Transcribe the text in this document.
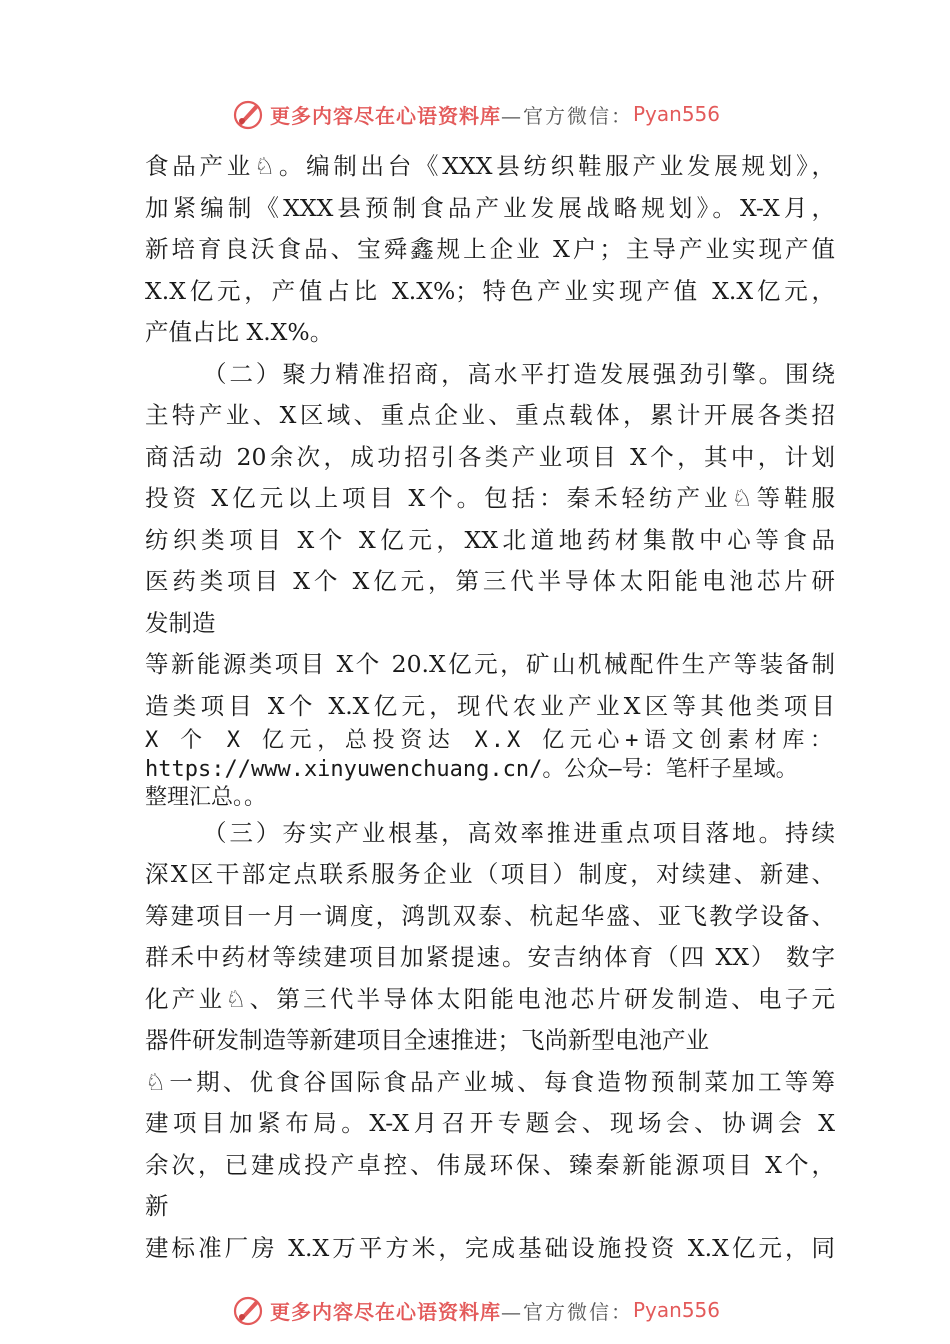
更多内容尽在心语资料库 —官方微信： Pyan556
食品产业♘。编制出台《XXX县纺织鞋服产业发展规划》，
加紧编制《XXX县预制食品产业发展战略规划》。X-X月，
新培育良沃食品、宝舜鑫规上企业 X户；主导产业实现产值
X.X亿元，产值占比 X.X%；特色产业实现产值 X.X亿元，
产值占比 X.X%。
（二）聚力精准招商，高水平打造发展强劲引擎。围绕
主特产业、X区域、重点企业、重点载体，累计开展各类招
商活动 20余次，成功招引各类产业项目 X个，其中，计划
投资 X亿元以上项目 X个。包括：秦禾轻纺产业♘等鞋服
纺织类项目 X个 X亿元，XX北道地药材集散中心等食品
医药类项目 X个 X亿元，第三代半导体太阳能电池芯片研
发制造
等新能源类项目 X个 20.X亿元，矿山机械配件生产等装备制
造类项目 X个 X.X亿元，现代农业产业X区等其他类项目
X 个 X 亿元，总投资达 X.X 亿元心+语文创素材库：
https://www.xinyuwenchuang.cn/。公众—号：笔杆子星域。
整理汇总。。
（三）夯实产业根基，高效率推进重点项目落地。持续
深X区干部定点联系服务企业（项目）制度，对续建、新建、
筹建项目一月一调度，鸿凯双泰、杭起华盛、亚飞教学设备、
群禾中药材等续建项目加紧提速。安吉纳体育（四 XX） 数字
化产业♘、第三代半导体太阳能电池芯片研发制造、电子元
器件研发制造等新建项目全速推进；飞尚新型电池产业
♘一期、优食谷国际食品产业城、每食造物预制菜加工等筹
建项目加紧布局。X-X月召开专题会、现场会、协调会 X
余次，已建成投产卓控、伟晟环保、臻秦新能源项目 X个，
新
建标准厂房 X.X万平方米，完成基础设施投资 X.X亿元，同
更多内容尽在心语资料库 —官方微信： Pyan556
